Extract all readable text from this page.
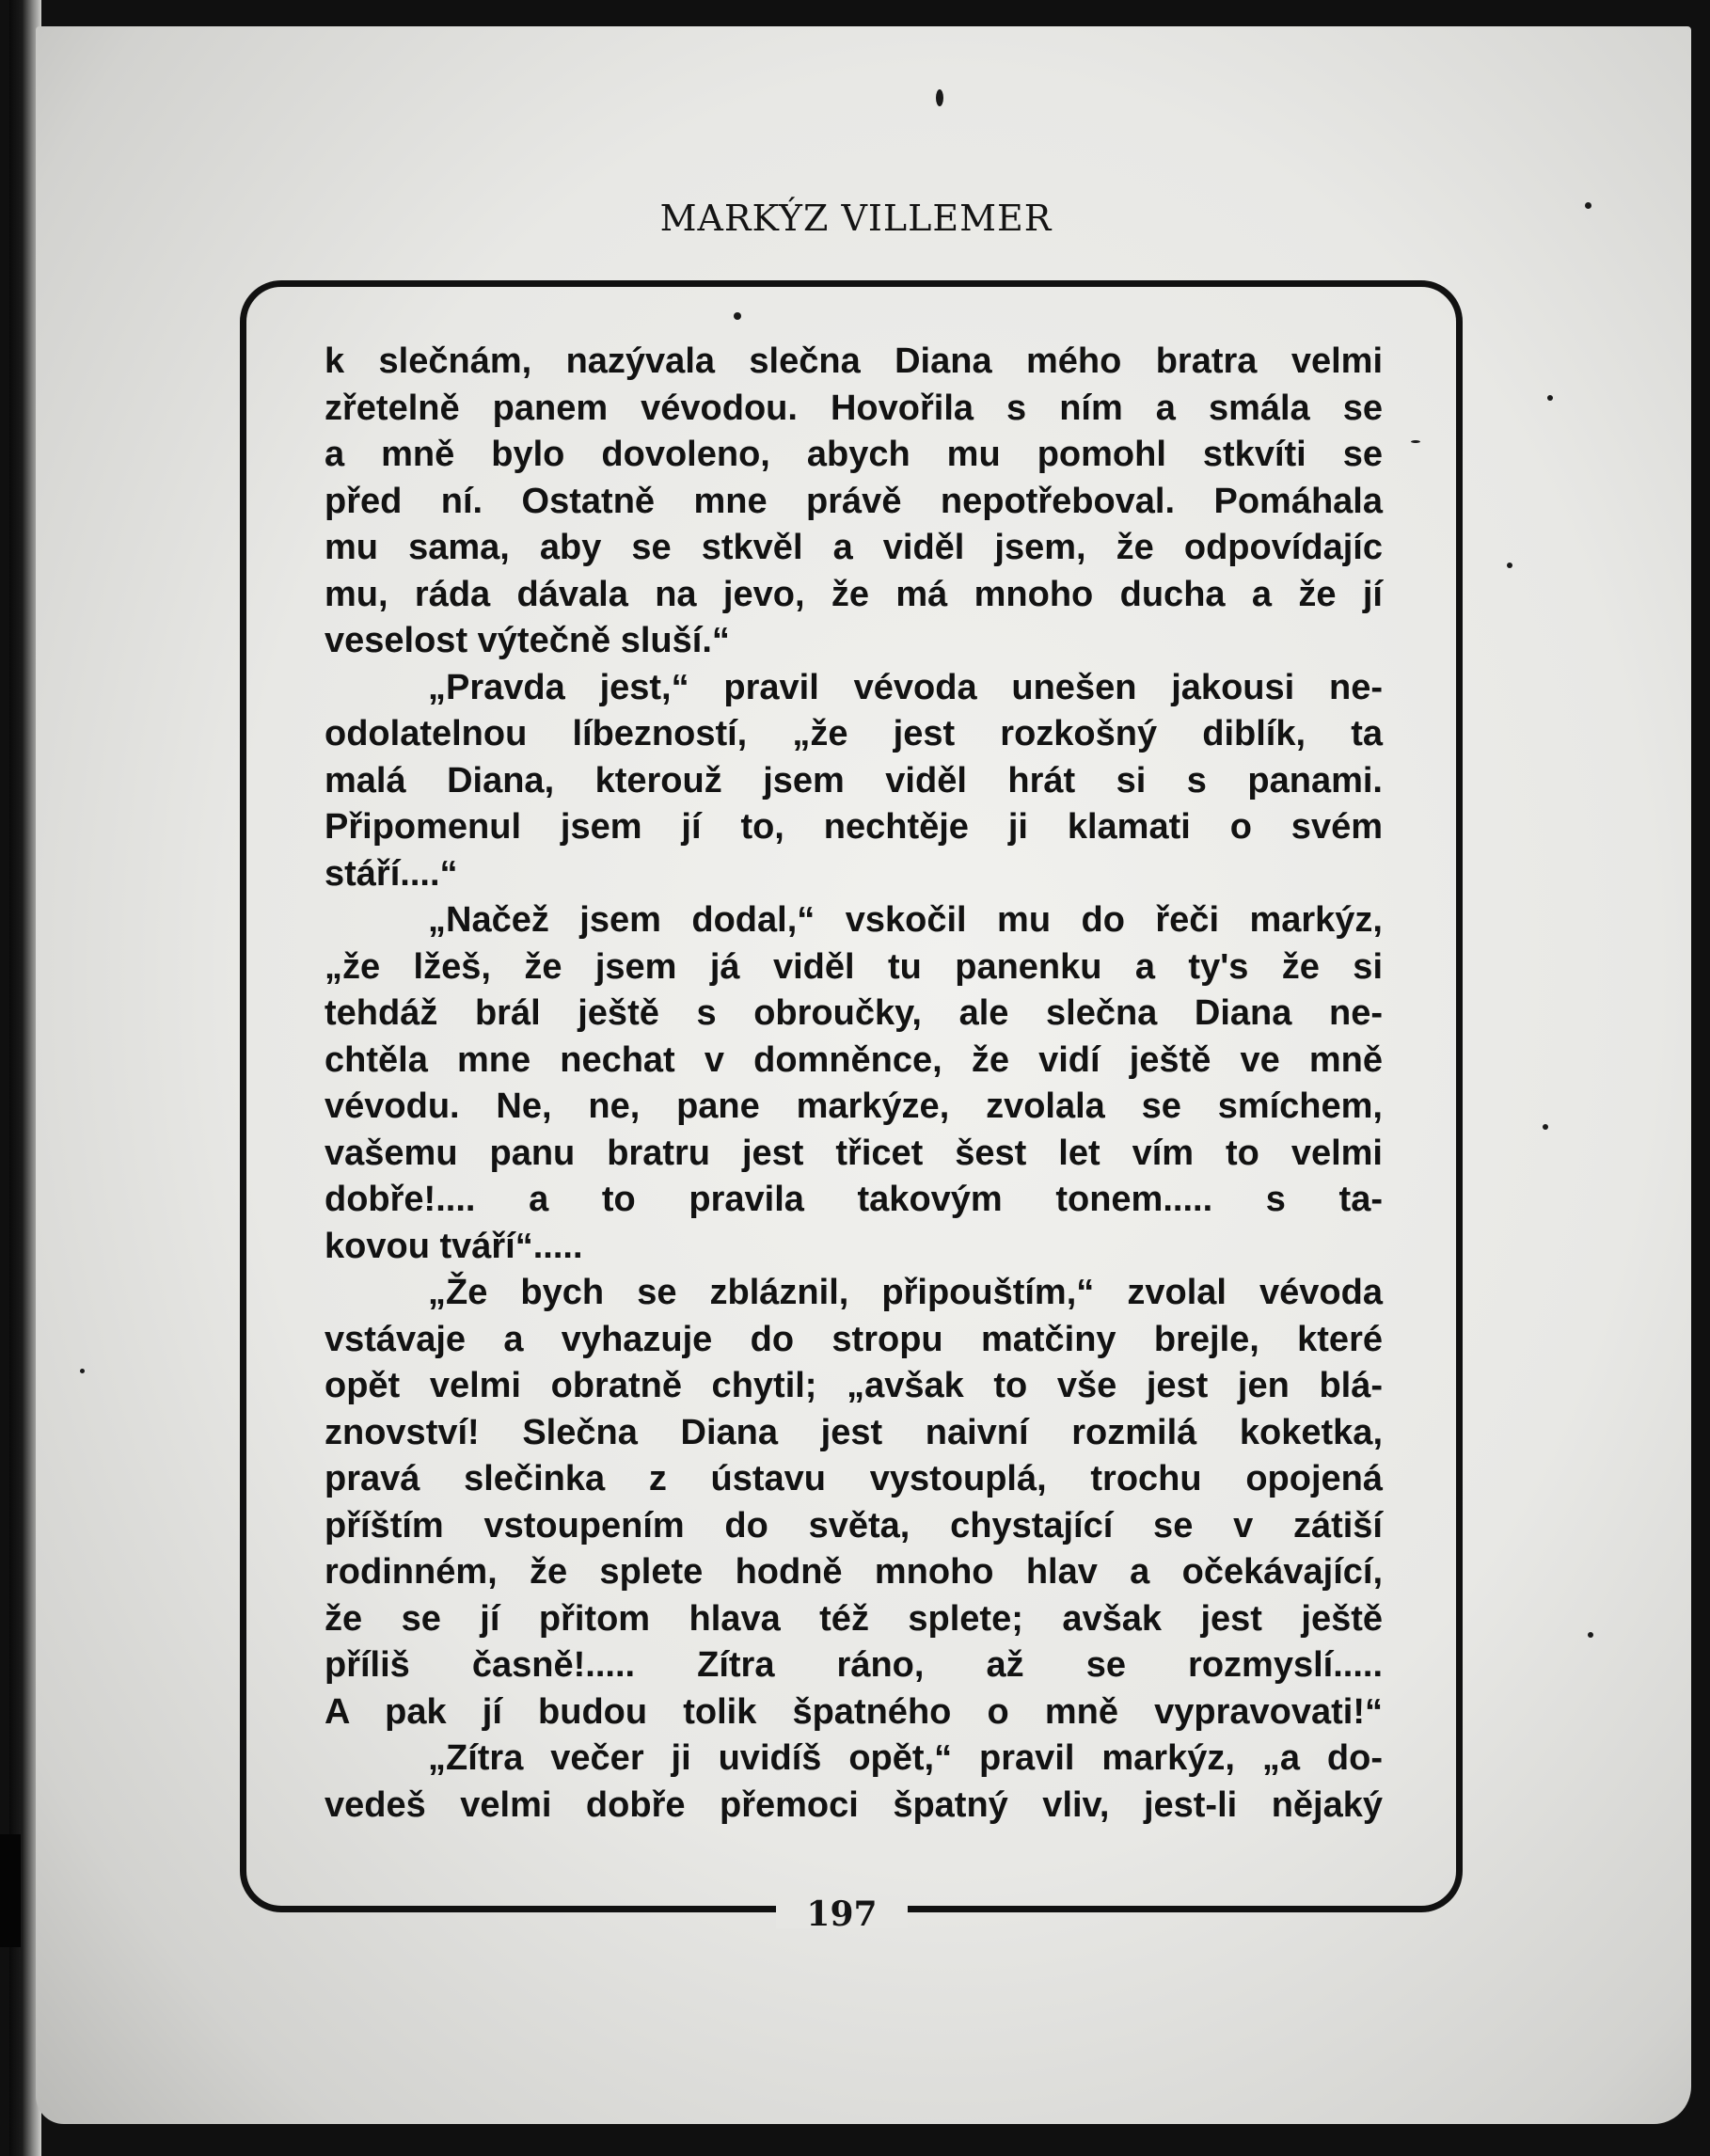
MARKÝZ VILLEMER
k slečnám, nazývala slečna Diana mého bratra velmi
zřetelně panem vévodou. Hovořila s ním a smála se
a mně bylo dovoleno, abych mu pomohl stkvíti se
před ní. Ostatně mne právě nepotřeboval. Pomáhala
mu sama, aby se stkvěl a viděl jsem, že odpovídajíc
mu, ráda dávala na jevo, že má mnoho ducha a že jí
veselost výtečně sluší.“
„Pravda jest,“ pravil vévoda unešen jakousi ne-
odolatelnou líbezností, „že jest rozkošný diblík, ta
malá Diana, kterouž jsem viděl hrát si s panami.
Připomenul jsem jí to, nechtěje ji klamati o svém
stáří....“
„Načež jsem dodal,“ vskočil mu do řeči markýz,
„že lžeš, že jsem já viděl tu panenku a ty's že si
tehdáž brál ještě s obroučky, ale slečna Diana ne-
chtěla mne nechat v domněnce, že vidí ještě ve mně
vévodu. Ne, ne, pane markýze, zvolala se smíchem,
vašemu panu bratru jest třicet šest let vím to velmi
dobře!.... a to pravila takovým tonem..... s ta-
kovou tváří“.....
„Že bych se zbláznil, připouštím,“ zvolal vévoda
vstávaje a vyhazuje do stropu matčiny brejle, které
opět velmi obratně chytil; „avšak to vše jest jen blá-
znovství! Slečna Diana jest naivní rozmilá koketka,
pravá slečinka z ústavu vystouplá, trochu opojená
příštím vstoupením do světa, chystající se v zátiší
rodinném, že splete hodně mnoho hlav a očekávající,
že se jí přitom hlava též splete; avšak jest ještě
příliš časně!..... Zítra ráno, až se rozmyslí.....
A pak jí budou tolik špatného o mně vypravovati!“
„Zítra večer ji uvidíš opět,“ pravil markýz, „a do-
vedeš velmi dobře přemoci špatný vliv, jest-li nějaký
197
